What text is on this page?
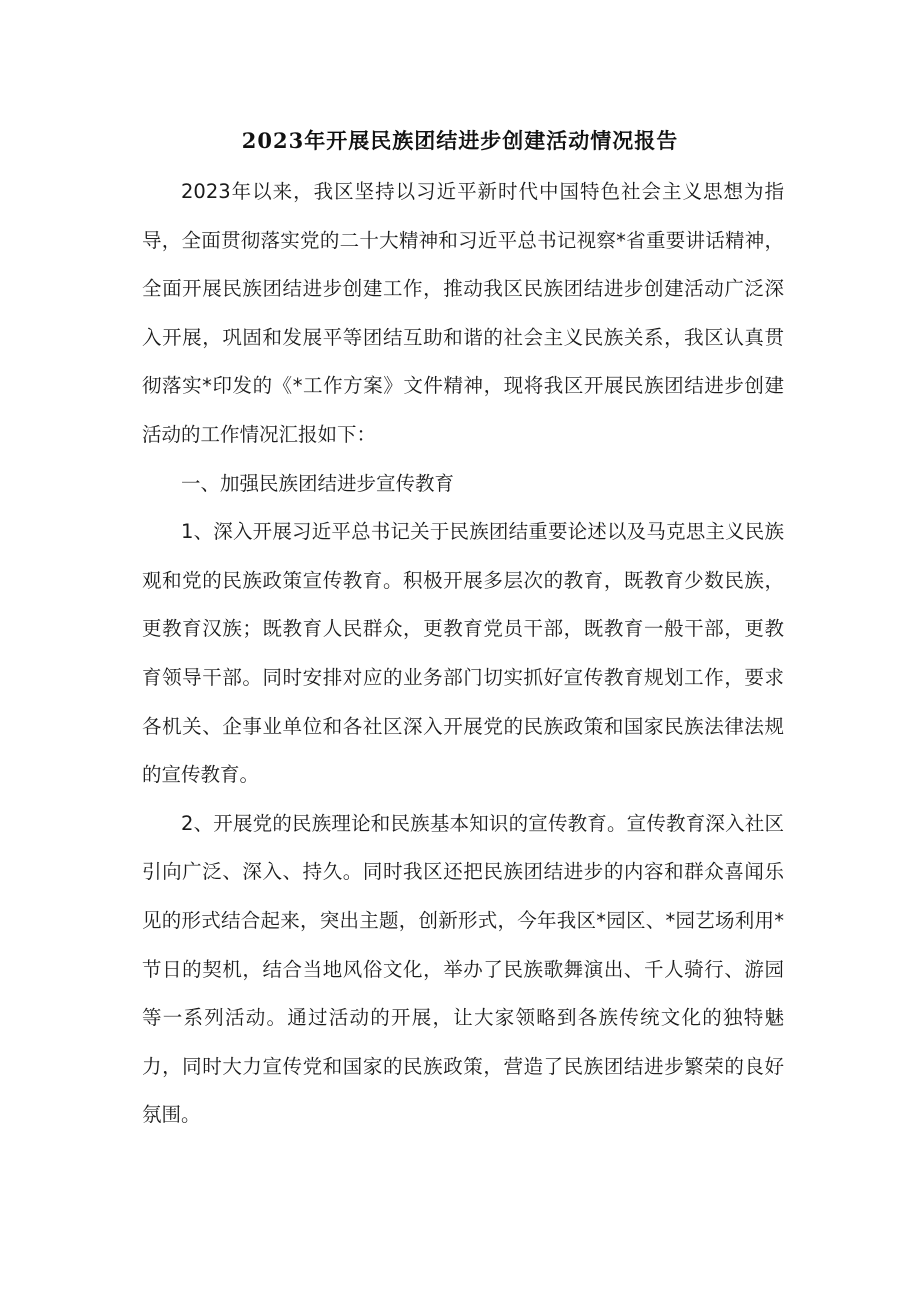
2023年开展民族团结进步创建活动情况报告

2023年以来，我区坚持以习近平新时代中国特色社会主义思想为指导，全面贯彻落实党的二十大精神和习近平总书记视察*省重要讲话精神，全面开展民族团结进步创建工作，推动我区民族团结进步创建活动广泛深入开展，巩固和发展平等团结互助和谐的社会主义民族关系，我区认真贯彻落实*印发的《*工作方案》文件精神，现将我区开展民族团结进步创建活动的工作情况汇报如下：

一、加强民族团结进步宣传教育

1、深入开展习近平总书记关于民族团结重要论述以及马克思主义民族观和党的民族政策宣传教育。积极开展多层次的教育，既教育少数民族，更教育汉族；既教育人民群众，更教育党员干部，既教育一般干部，更教育领导干部。同时安排对应的业务部门切实抓好宣传教育规划工作，要求各机关、企事业单位和各社区深入开展党的民族政策和国家民族法律法规的宣传教育。

2、开展党的民族理论和民族基本知识的宣传教育。宣传教育深入社区引向广泛、深入、持久。同时我区还把民族团结进步的内容和群众喜闻乐见的形式结合起来，突出主题，创新形式，今年我区*园区、*园艺场利用*节日的契机，结合当地风俗文化，举办了民族歌舞演出、千人骑行、游园等一系列活动。通过活动的开展，让大家领略到各族传统文化的独特魅力，同时大力宣传党和国家的民族政策，营造了民族团结进步繁荣的良好氛围。
